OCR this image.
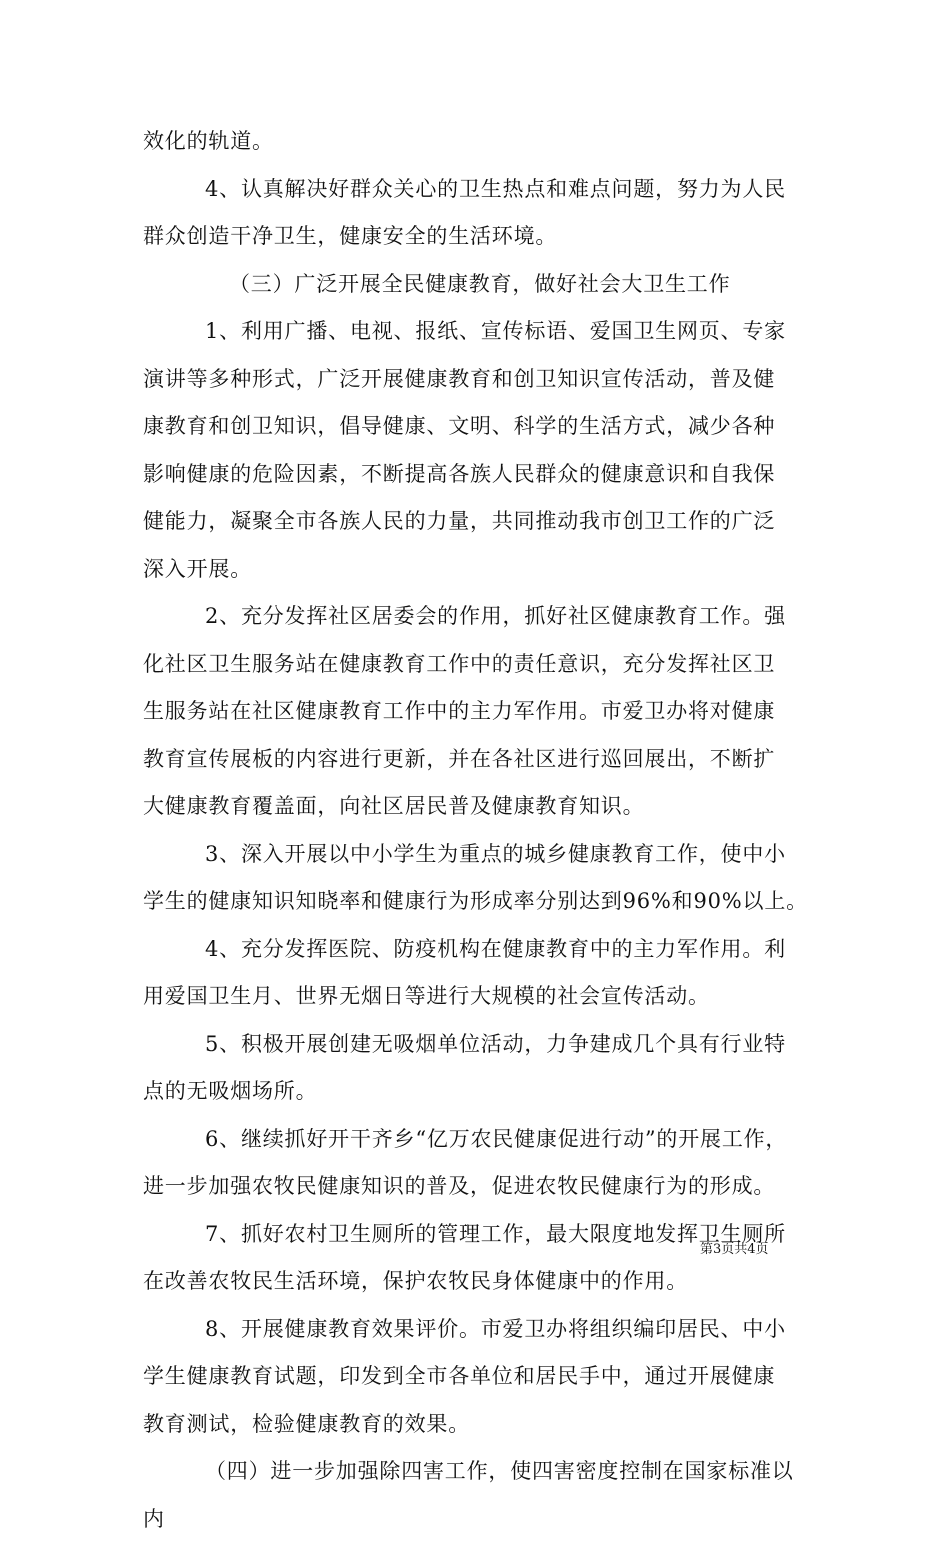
效化的轨道。
4、认真解决好群众关心的卫生热点和难点问题，努力为人民
群众创造干净卫生，健康安全的生活环境。
（三）广泛开展全民健康教育，做好社会大卫生工作
1、利用广播、电视、报纸、宣传标语、爱国卫生网页、专家
演讲等多种形式，广泛开展健康教育和创卫知识宣传活动，普及健
康教育和创卫知识，倡导健康、文明、科学的生活方式，减少各种
影响健康的危险因素，不断提高各族人民群众的健康意识和自我保
健能力，凝聚全市各族人民的力量，共同推动我市创卫工作的广泛
深入开展。
2、充分发挥社区居委会的作用，抓好社区健康教育工作。强
化社区卫生服务站在健康教育工作中的责任意识，充分发挥社区卫
生服务站在社区健康教育工作中的主力军作用。市爱卫办将对健康
教育宣传展板的内容进行更新，并在各社区进行巡回展出，不断扩
大健康教育覆盖面，向社区居民普及健康教育知识。
3、深入开展以中小学生为重点的城乡健康教育工作，使中小
学生的健康知识知晓率和健康行为形成率分别达到96%和90%以上。
4、充分发挥医院、防疫机构在健康教育中的主力军作用。利
用爱国卫生月、世界无烟日等进行大规模的社会宣传活动。
5、积极开展创建无吸烟单位活动，力争建成几个具有行业特
点的无吸烟场所。
6、继续抓好开干齐乡“亿万农民健康促进行动”的开展工作，
进一步加强农牧民健康知识的普及，促进农牧民健康行为的形成。
7、抓好农村卫生厕所的管理工作，最大限度地发挥卫生厕所
在改善农牧民生活环境，保护农牧民身体健康中的作用。
8、开展健康教育效果评价。市爱卫办将组织编印居民、中小
学生健康教育试题，印发到全市各单位和居民手中，通过开展健康
教育测试，检验健康教育的效果。
（四）进一步加强除四害工作，使四害密度控制在国家标准以
内
第3页共4页
